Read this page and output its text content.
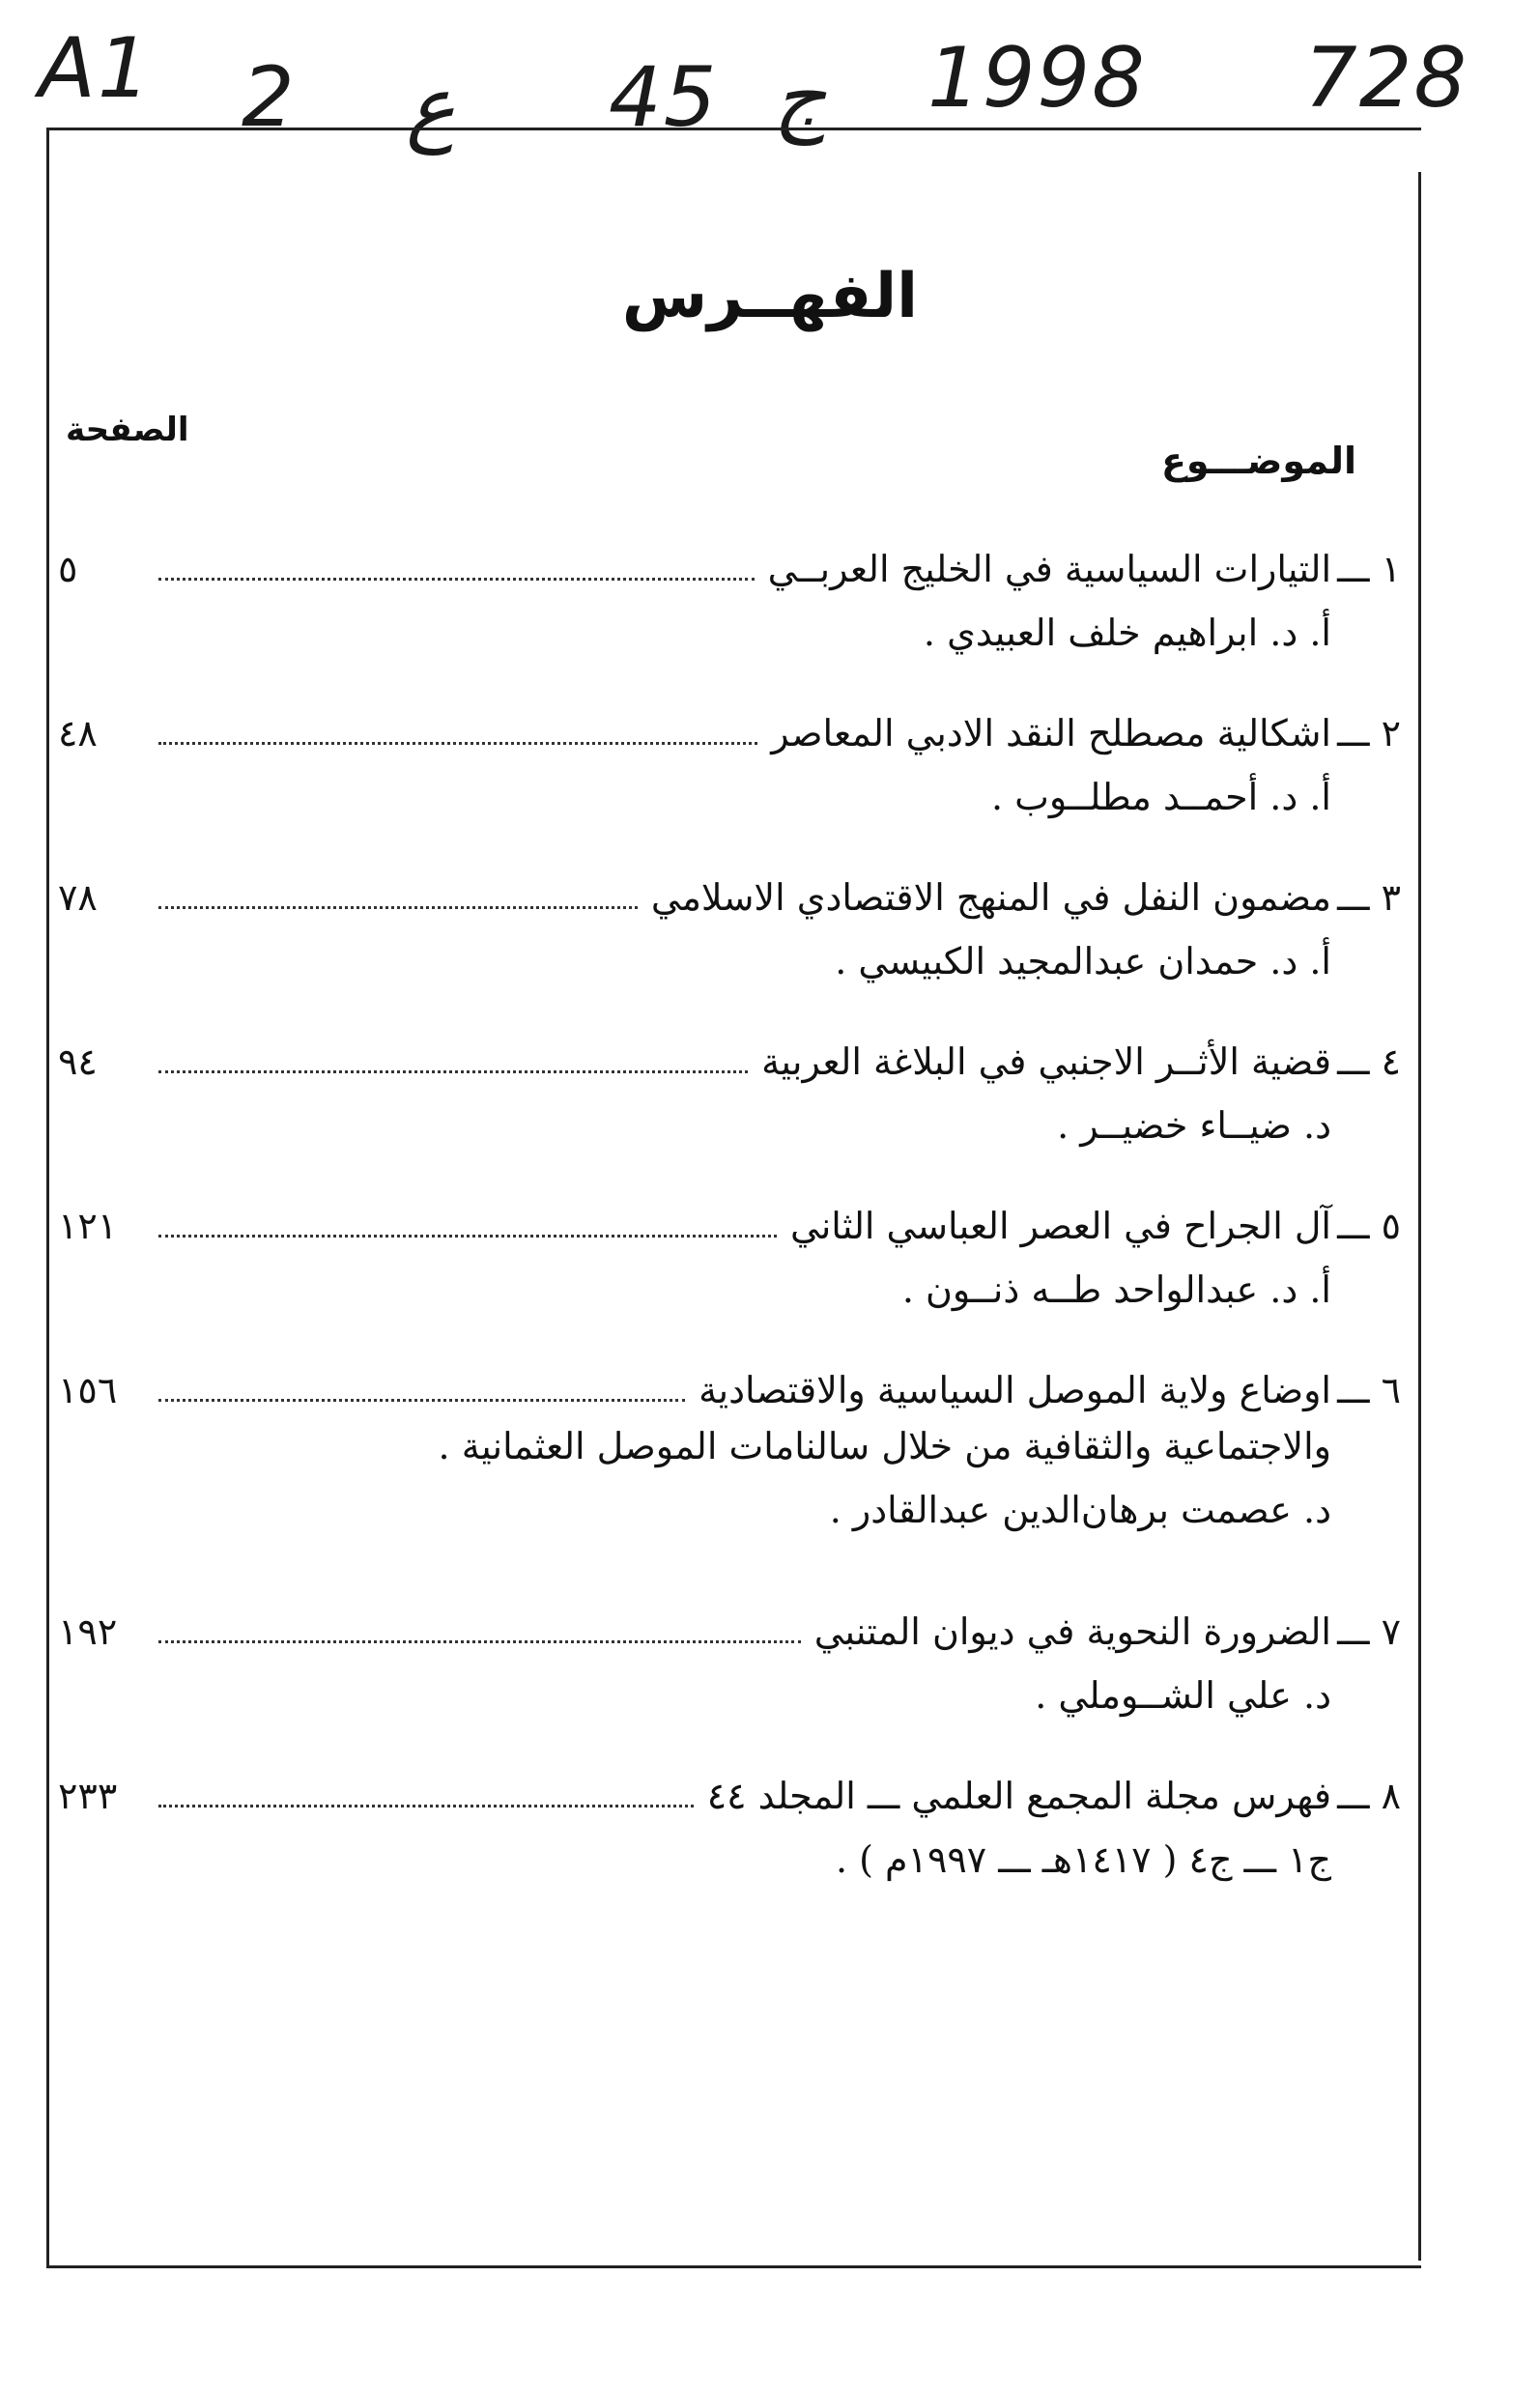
A1 2 ع 45 ج 1998 728
الفهــرس
الصفحة
الموضـــوع
١ ـــ
التيارات السياسية في الخليج العربــي
٥
أ. د. ابراهيم خلف العبيدي .
٢ ـــ
اشكالية مصطلح النقد الادبي المعاصر
٤٨
أ. د. أحمــد مطلــوب .
٣ ـــ
مضمون النفل في المنهج الاقتصادي الاسلامي
٧٨
أ. د. حمدان عبدالمجيد الكبيسي .
٤ ـــ
قضية الأثــر الاجنبي في البلاغة العربية
٩٤
د. ضيــاء خضيــر .
٥ ـــ
آل الجراح في العصر العباسي الثاني
١٢١
أ. د. عبدالواحد طــه ذنــون .
٦ ـــ
اوضاع ولاية الموصل السياسية والاقتصادية
١٥٦
والاجتماعية والثقافية من خلال سالنامات الموصل العثمانية .
د. عصمت برهان‌الدين عبدالقادر .
٧ ـــ
الضرورة النحوية في ديوان المتنبي
١٩٢
د. علي الشــوملي .
٨ ـــ
فهرس مجلة المجمع العلمي ـــ المجلد ٤٤
٢٣٣
ج١ ـــ ج٤ ( ١٤١٧هـ ـــ ١٩٩٧م ) .
